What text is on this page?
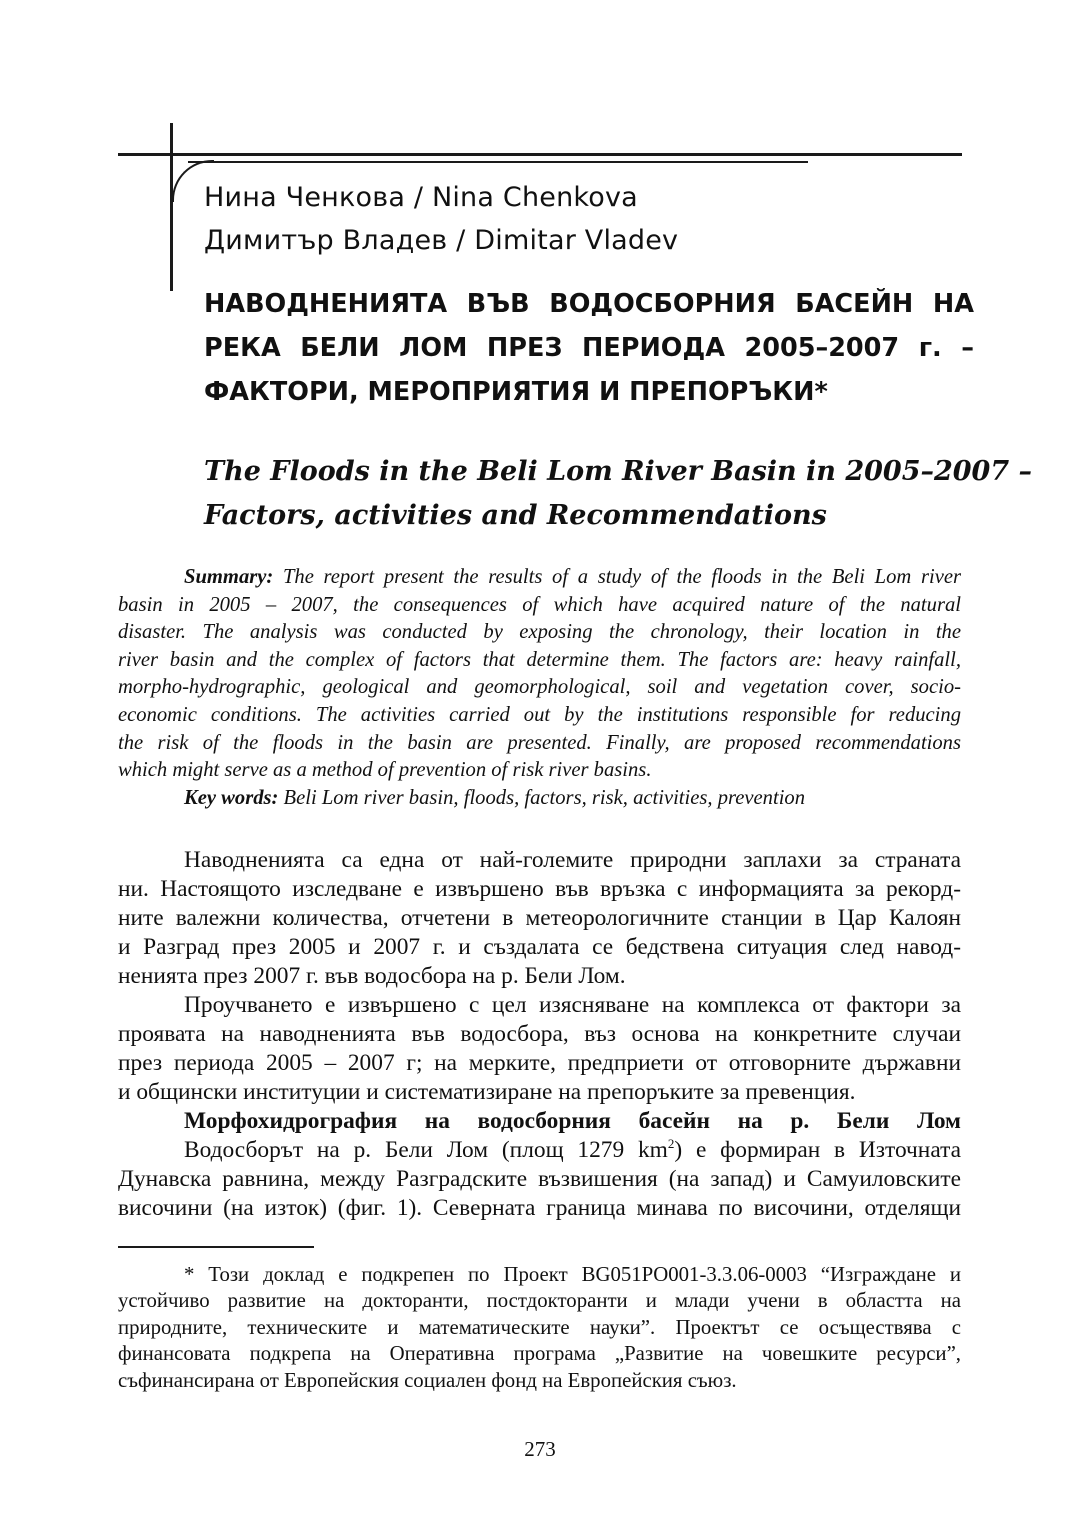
Нина Ченкова / Nina Chenkova
Димитър Владев / Dimitar Vladev
НАВОДНЕНИЯТА ВЪВ ВОДОСБОРНИЯ БАСЕЙН НА
РЕКА БЕЛИ ЛОМ ПРЕЗ ПЕРИОДА 2005–2007 г. –
ФАКТОРИ, МЕРОПРИЯТИЯ И ПРЕПОРЪКИ*
The Floods in the Beli Lom River Basin in 2005–2007 –
Factors, activities and Recommendations
Summary: The report present the results of a study of the floods in the Beli Lom river
basin in 2005 – 2007, the consequences of which have acquired nature of the natural
disaster. The analysis was conducted by exposing the chronology, their location in the
river basin and the complex of factors that determine them. The factors are: heavy rainfall,
morpho-hydrographic, geological and geomorphological, soil and vegetation cover, socio-
economic conditions. The activities carried out by the institutions responsible for reducing
the risk of the floods in the basin are presented. Finally, are proposed recommendations
which might serve as a method of prevention of risk river basins.
Key words: Beli Lom river basin, floods, factors, risk, activities, prevention
Наводненията са една от най-големите природни заплахи за страната
ни. Настоящото изследване е извършено във връзка с информацията за рекорд-
ните валежни количества, отчетени в метеорологичните станции в Цар Калоян
и Разград през 2005 и 2007 г. и създалата се бедствена ситуация след навод-
ненията през 2007 г. във водосбора на р. Бели Лом.
Проучването е извършено с цел изясняване на комплекса от фактори за
проявата на наводненията във водосбора, въз основа на конкретните случаи
през периода 2005 – 2007 г; на мерките, предприети от отговорните държавни
и общински институции и систематизиране на препоръките за превенция.
Морфохидрография на водосборния басейн на р. Бели Лом
Водосборът на р. Бели Лом (площ 1279 $km^2$) е формиран в Източната
Дунавска равнина, между Разградските възвишения (на запад) и Самуиловските
височини (на изток) (фиг. 1). Северната граница минава по височини, отделящи
* Този доклад е подкрепен по Проект BG051PO001-3.3.06-0003 “Изграждане и
устойчиво развитие на докторанти, постдокторанти и млади учени в областта на
природните, техническите и математическите науки”. Проектът се осъществява с
финансовата подкрепа на Оперативна програма „Развитие на човешките ресурси”,
съфинансирана от Европейския социален фонд на Европейския съюз.
273
